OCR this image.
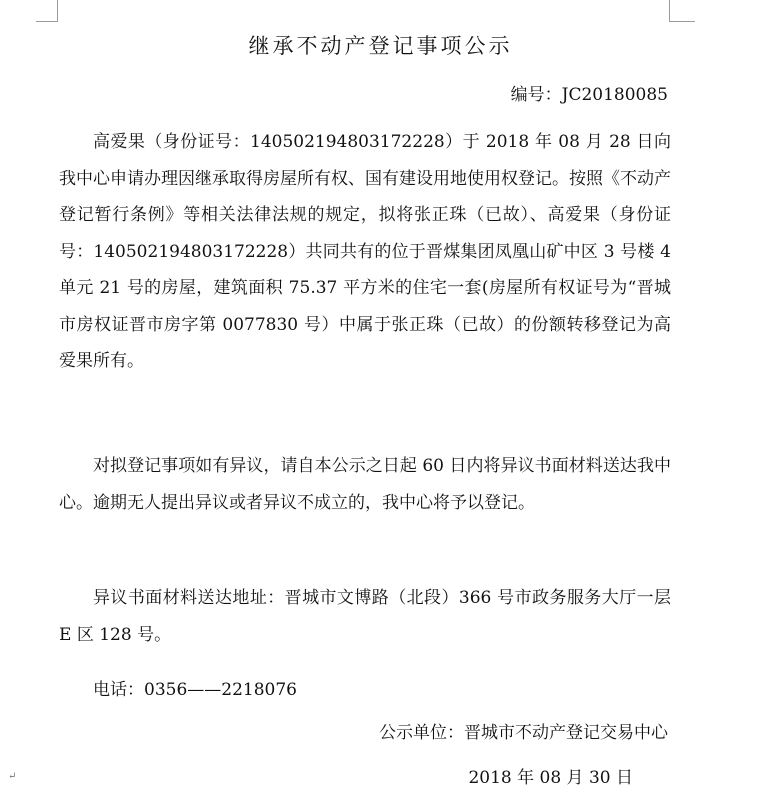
↵
继承不动产登记事项公示
编号：JC20180085

高爱果（身份证号：140502194803172228）于 2018 年 08 月 28 日向我中心申请办理因继承取得房屋所有权、国有建设用地使用权登记。按照《不动产登记暂行条例》等相关法律法规的规定，拟将张正珠（已故）、高爱果（身份证号：140502194803172228）共同共有的位于晋煤集团凤凰山矿中区 3 号楼 4 单元 21 号的房屋，建筑面积 75.37 平方米的住宅一套(房屋所有权证号为“晋城市房权证晋市房字第 0077830 号）中属于张正珠（已故）的份额转移登记为高爱果所有。

对拟登记事项如有异议，请自本公示之日起 60 日内将异议书面材料送达我中心。逾期无人提出异议或者异议不成立的，我中心将予以登记。

异议书面材料送达地址：晋城市文博路（北段）366 号市政务服务大厅一层 E 区 128 号。

电话：0356——2218076

公示单位：晋城市不动产登记交易中心
2018 年 08 月 30 日
